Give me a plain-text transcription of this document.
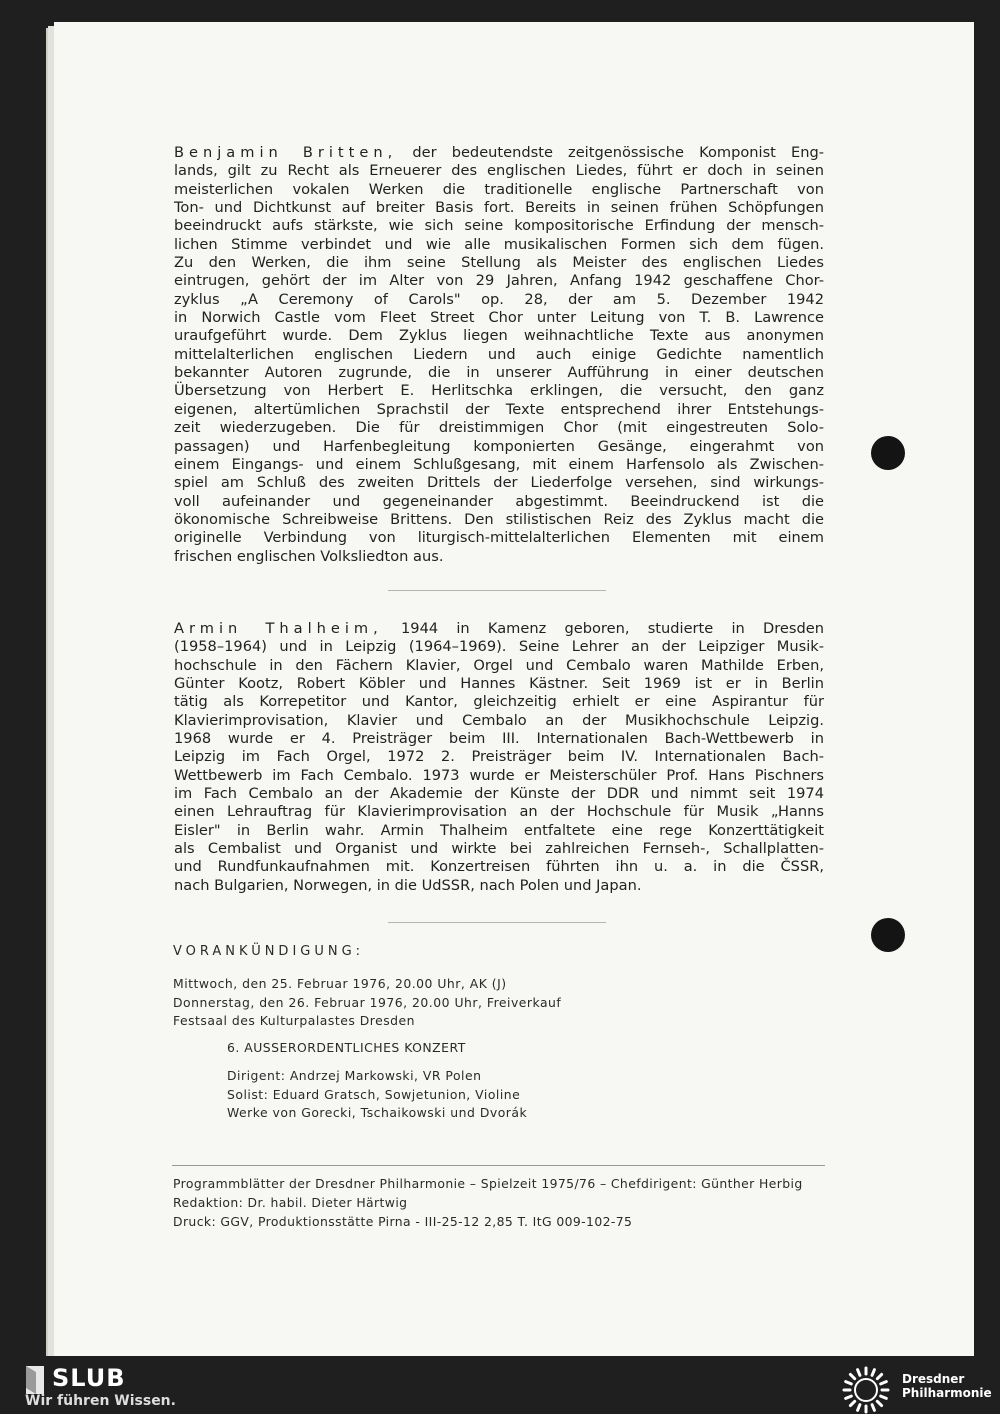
Benjamin Britten, der bedeutendste zeitgenössische Komponist Eng-
lands, gilt zu Recht als Erneuerer des englischen Liedes, führt er doch in seinen
meisterlichen vokalen Werken die traditionelle englische Partnerschaft von
Ton- und Dichtkunst auf breiter Basis fort. Bereits in seinen frühen Schöpfungen
beeindruckt aufs stärkste, wie sich seine kompositorische Erfindung der mensch-
lichen Stimme verbindet und wie alle musikalischen Formen sich dem fügen.
Zu den Werken, die ihm seine Stellung als Meister des englischen Liedes
eintrugen, gehört der im Alter von 29 Jahren, Anfang 1942 geschaffene Chor-
zyklus „A Ceremony of Carols" op. 28, der am 5. Dezember 1942
in Norwich Castle vom Fleet Street Chor unter Leitung von T. B. Lawrence
uraufgeführt wurde. Dem Zyklus liegen weihnachtliche Texte aus anonymen
mittelalterlichen englischen Liedern und auch einige Gedichte namentlich
bekannter Autoren zugrunde, die in unserer Aufführung in einer deutschen
Übersetzung von Herbert E. Herlitschka erklingen, die versucht, den ganz
eigenen, altertümlichen Sprachstil der Texte entsprechend ihrer Entstehungs-
zeit wiederzugeben. Die für dreistimmigen Chor (mit eingestreuten Solo-
passagen) und Harfenbegleitung komponierten Gesänge, eingerahmt von
einem Eingangs- und einem Schlußgesang, mit einem Harfensolo als Zwischen-
spiel am Schluß des zweiten Drittels der Liederfolge versehen, sind wirkungs-
voll aufeinander und gegeneinander abgestimmt. Beeindruckend ist die
ökonomische Schreibweise Brittens. Den stilistischen Reiz des Zyklus macht die
originelle Verbindung von liturgisch-mittelalterlichen Elementen mit einem
frischen englischen Volksliedton aus.
Armin Thalheim, 1944 in Kamenz geboren, studierte in Dresden
(1958–1964) und in Leipzig (1964–1969). Seine Lehrer an der Leipziger Musik-
hochschule in den Fächern Klavier, Orgel und Cembalo waren Mathilde Erben,
Günter Kootz, Robert Köbler und Hannes Kästner. Seit 1969 ist er in Berlin
tätig als Korrepetitor und Kantor, gleichzeitig erhielt er eine Aspirantur für
Klavierimprovisation, Klavier und Cembalo an der Musikhochschule Leipzig.
1968 wurde er 4. Preisträger beim III. Internationalen Bach-Wettbewerb in
Leipzig im Fach Orgel, 1972 2. Preisträger beim IV. Internationalen Bach-
Wettbewerb im Fach Cembalo. 1973 wurde er Meisterschüler Prof. Hans Pischners
im Fach Cembalo an der Akademie der Künste der DDR und nimmt seit 1974
einen Lehrauftrag für Klavierimprovisation an der Hochschule für Musik „Hanns
Eisler" in Berlin wahr. Armin Thalheim entfaltete eine rege Konzerttätigkeit
als Cembalist und Organist und wirkte bei zahlreichen Fernseh-, Schallplatten-
und Rundfunkaufnahmen mit. Konzertreisen führten ihn u. a. in die ČSSR,
nach Bulgarien, Norwegen, in die UdSSR, nach Polen und Japan.
VORANKÜNDIGUNG:
Mittwoch, den 25. Februar 1976, 20.00 Uhr, AK (J)
Donnerstag, den 26. Februar 1976, 20.00 Uhr, Freiverkauf
Festsaal des Kulturpalastes Dresden
6. AUSSERORDENTLICHES KONZERT
Dirigent: Andrzej Markowski, VR Polen
Solist: Eduard Gratsch, Sowjetunion, Violine
Werke von Gorecki, Tschaikowski und Dvorák
Programmblätter der Dresdner Philharmonie – Spielzeit 1975/76 – Chefdirigent: Günther Herbig
Redaktion: Dr. habil. Dieter Härtwig
Druck: GGV, Produktionsstätte Pirna - III-25-12 2,85 T. ItG 009-102-75
SLUB
Wir führen Wissen.
Dresdner
Philharmonie
